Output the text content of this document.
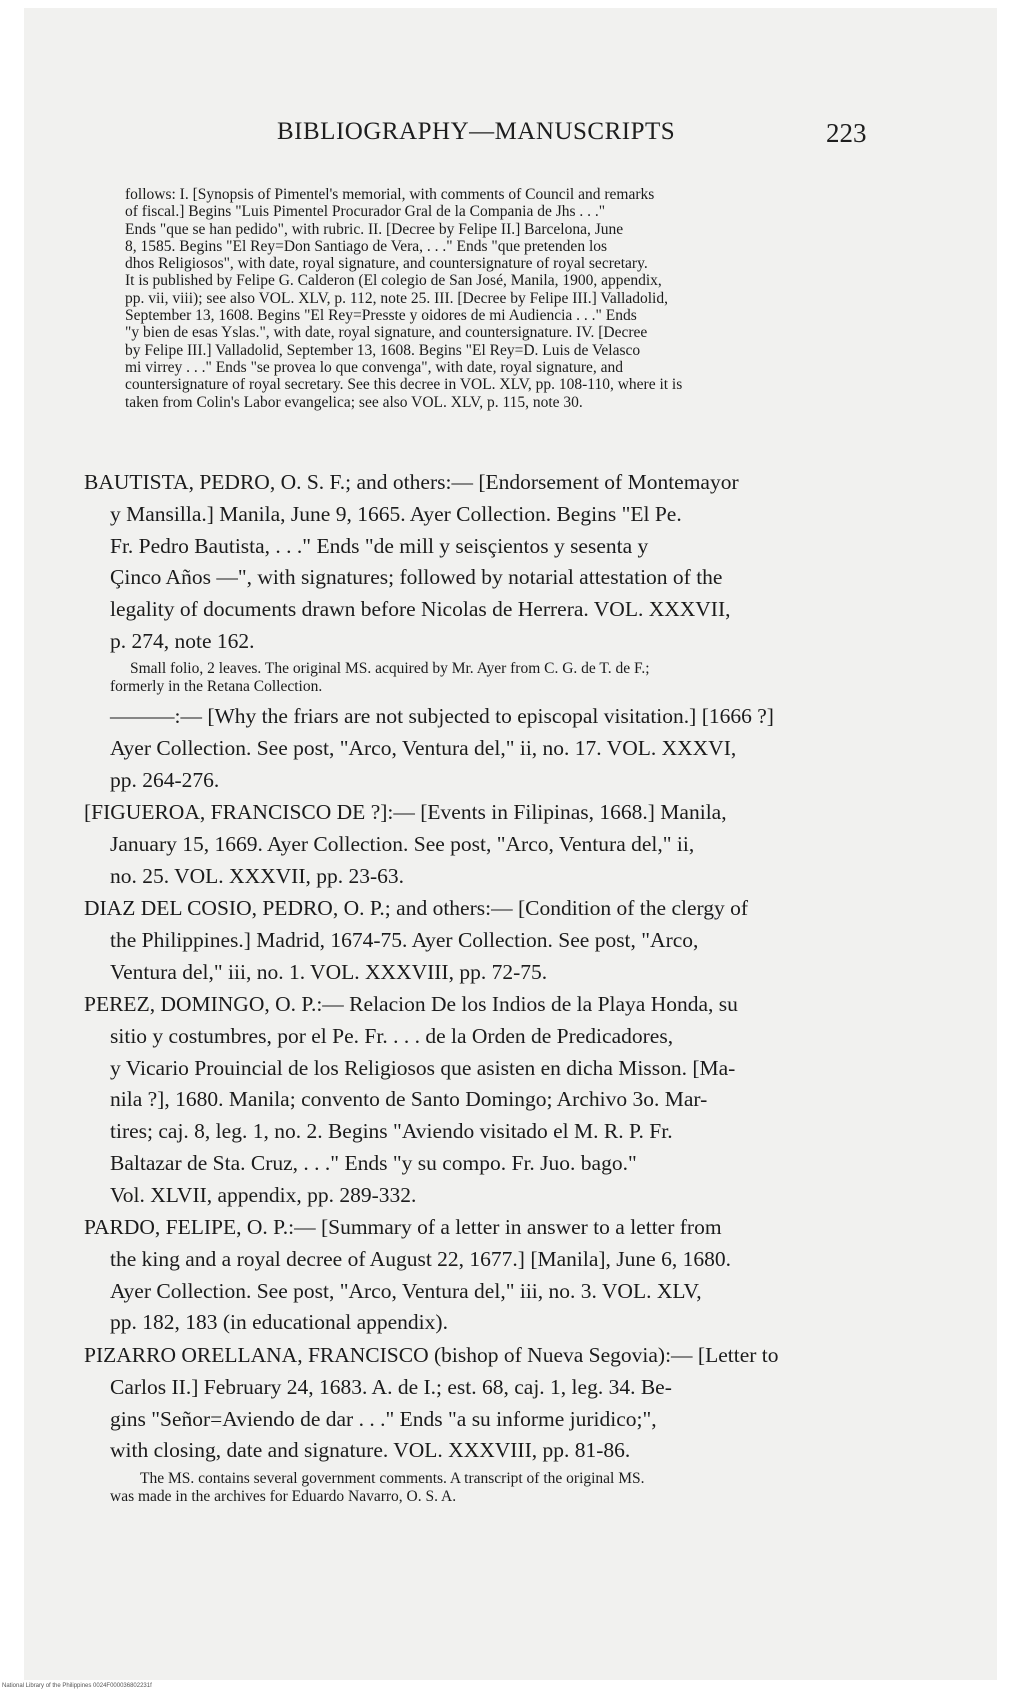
BIBLIOGRAPHY—MANUSCRIPTS	223
follows: I. [Synopsis of Pimentel's memorial, with comments of Council and remarks
of fiscal.] Begins "Luis Pimentel Procurador Gral de la Compania de Jhs . . ."
Ends "que se han pedido", with rubric. II. [Decree by Felipe II.] Barcelona, June
8, 1585. Begins "El Rey=Don Santiago de Vera, . . ." Ends "que pretenden los
dhos Religiosos", with date, royal signature, and countersignature of royal secretary.
It is published by Felipe G. Calderon (El colegio de San José, Manila, 1900, appendix,
pp. vii, viii); see also VOL. XLV, p. 112, note 25. III. [Decree by Felipe III.] Valladolid,
September 13, 1608. Begins "El Rey=Presste y oidores de mi Audiencia . . ." Ends
"y bien de esas Yslas.", with date, royal signature, and countersignature. IV. [Decree
by Felipe III.] Valladolid, September 13, 1608. Begins "El Rey=D. Luis de Velasco
mi virrey . . ." Ends "se provea lo que convenga", with date, royal signature, and
countersignature of royal secretary. See this decree in VOL. XLV, pp. 108-110, where it is
taken from Colin's Labor evangelica; see also VOL. XLV, p. 115, note 30.
BAUTISTA, PEDRO, O. S. F.; and others:— [Endorsement of Montemayor
y Mansilla.] Manila, June 9, 1665. Ayer Collection. Begins "El Pe.
Fr. Pedro Bautista, . . ." Ends "de mill y seisçientos y sesenta y
Çinco Años —", with signatures; followed by notarial attestation of the
legality of documents drawn before Nicolas de Herrera. VOL. XXXVII,
p. 274, note 162.
Small folio, 2 leaves. The original MS. acquired by Mr. Ayer from C. G. de T. de F.;
formerly in the Retana Collection.
———:— [Why the friars are not subjected to episcopal visitation.] [1666 ?]
Ayer Collection. See post, "Arco, Ventura del," ii, no. 17. VOL. XXXVI,
pp. 264-276.
[FIGUEROA, FRANCISCO DE ?]:— [Events in Filipinas, 1668.] Manila,
January 15, 1669. Ayer Collection. See post, "Arco, Ventura del," ii,
no. 25. VOL. XXXVII, pp. 23-63.
DIAZ DEL COSIO, PEDRO, O. P.; and others:— [Condition of the clergy of
the Philippines.] Madrid, 1674-75. Ayer Collection. See post, "Arco,
Ventura del," iii, no. 1. VOL. XXXVIII, pp. 72-75.
PEREZ, DOMINGO, O. P.:— Relacion De los Indios de la Playa Honda, su
sitio y costumbres, por el Pe. Fr. . . . de la Orden de Predicadores,
y Vicario Prouincial de los Religiosos que asisten en dicha Misson. [Ma-
nila ?], 1680. Manila; convento de Santo Domingo; Archivo 3o. Mar-
tires; caj. 8, leg. 1, no. 2. Begins "Aviendo visitado el M. R. P. Fr.
Baltazar de Sta. Cruz, . . ." Ends "y su compo. Fr. Juo. bago."
Vol. XLVII, appendix, pp. 289-332.
PARDO, FELIPE, O. P.:— [Summary of a letter in answer to a letter from
the king and a royal decree of August 22, 1677.] [Manila], June 6, 1680.
Ayer Collection. See post, "Arco, Ventura del," iii, no. 3. VOL. XLV,
pp. 182, 183 (in educational appendix).
PIZARRO ORELLANA, FRANCISCO (bishop of Nueva Segovia):— [Letter to
Carlos II.] February 24, 1683. A. de I.; est. 68, caj. 1, leg. 34. Be-
gins "Señor=Aviendo de dar . . ." Ends "a su informe juridico;",
with closing, date and signature. VOL. XXXVIII, pp. 81-86.
The MS. contains several government comments. A transcript of the original MS.
was made in the archives for Eduardo Navarro, O. S. A.
National Library of the Philippines 0024F000036802231f
